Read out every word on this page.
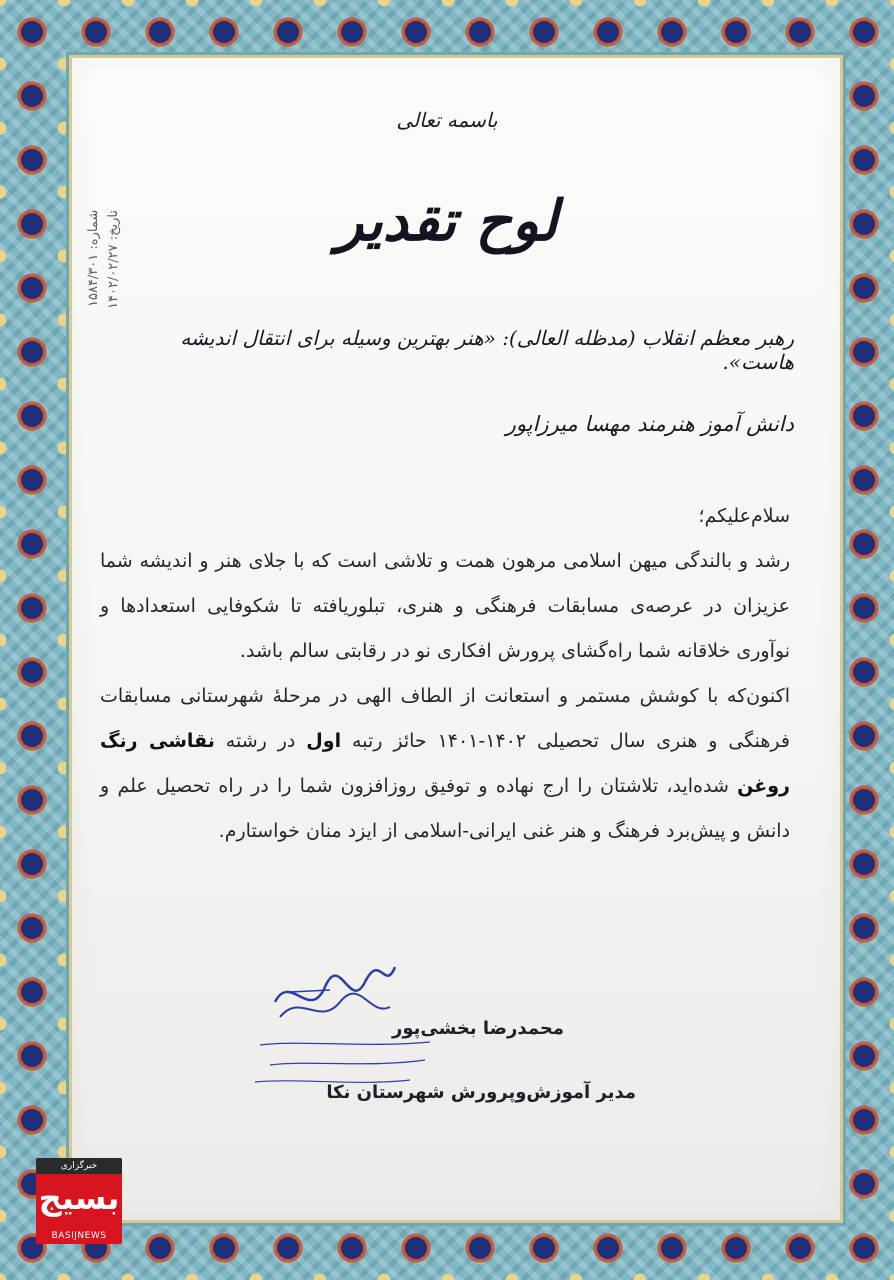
باسمه تعالی
لوح تقدیر
شماره: ۱۵۸۴/۳۰۱
تاریخ: ۱۴۰۲/۰۲/۲۷
رهبر معظم انقلاب (مدظله العالی): «هنر بهترین وسیله برای انتقال اندیشه هاست».
دانش آموز هنرمند مهسا میرزاپور

سلام‌علیکم؛

رشد و بالندگی میهن اسلامی مرهون همت و تلاشی است که با جلای هنر و اندیشه شما عزیزان در عرصه‌ی مسابقات فرهنگی و هنری، تبلوریافته تا شکوفایی استعدادها و نوآوری خلاقانه شما راه‌گشای پرورش افکاری نو در رقابتی سالم باشد.

اکنون‌که با کوشش مستمر و استعانت از الطاف الهی در مرحلۀ شهرستانی مسابقات فرهنگی و هنری سال تحصیلی ۱۴۰۲-۱۴۰۱ حائز رتبه اول در رشته نقاشی رنگ روغن شده‌اید، تلاشتان را ارج نهاده و توفیق روزافزون شما را در راه تحصیل علم و دانش و پیش‌برد فرهنگ و هنر غنی ایرانی-اسلامی از ایزد منان خواستارم.

محمدرضا بخشی‌پور
مدیر آموزش‌وپرورش شهرستان نکا
خبرگزاری
بسیج
BASIJNEWS
